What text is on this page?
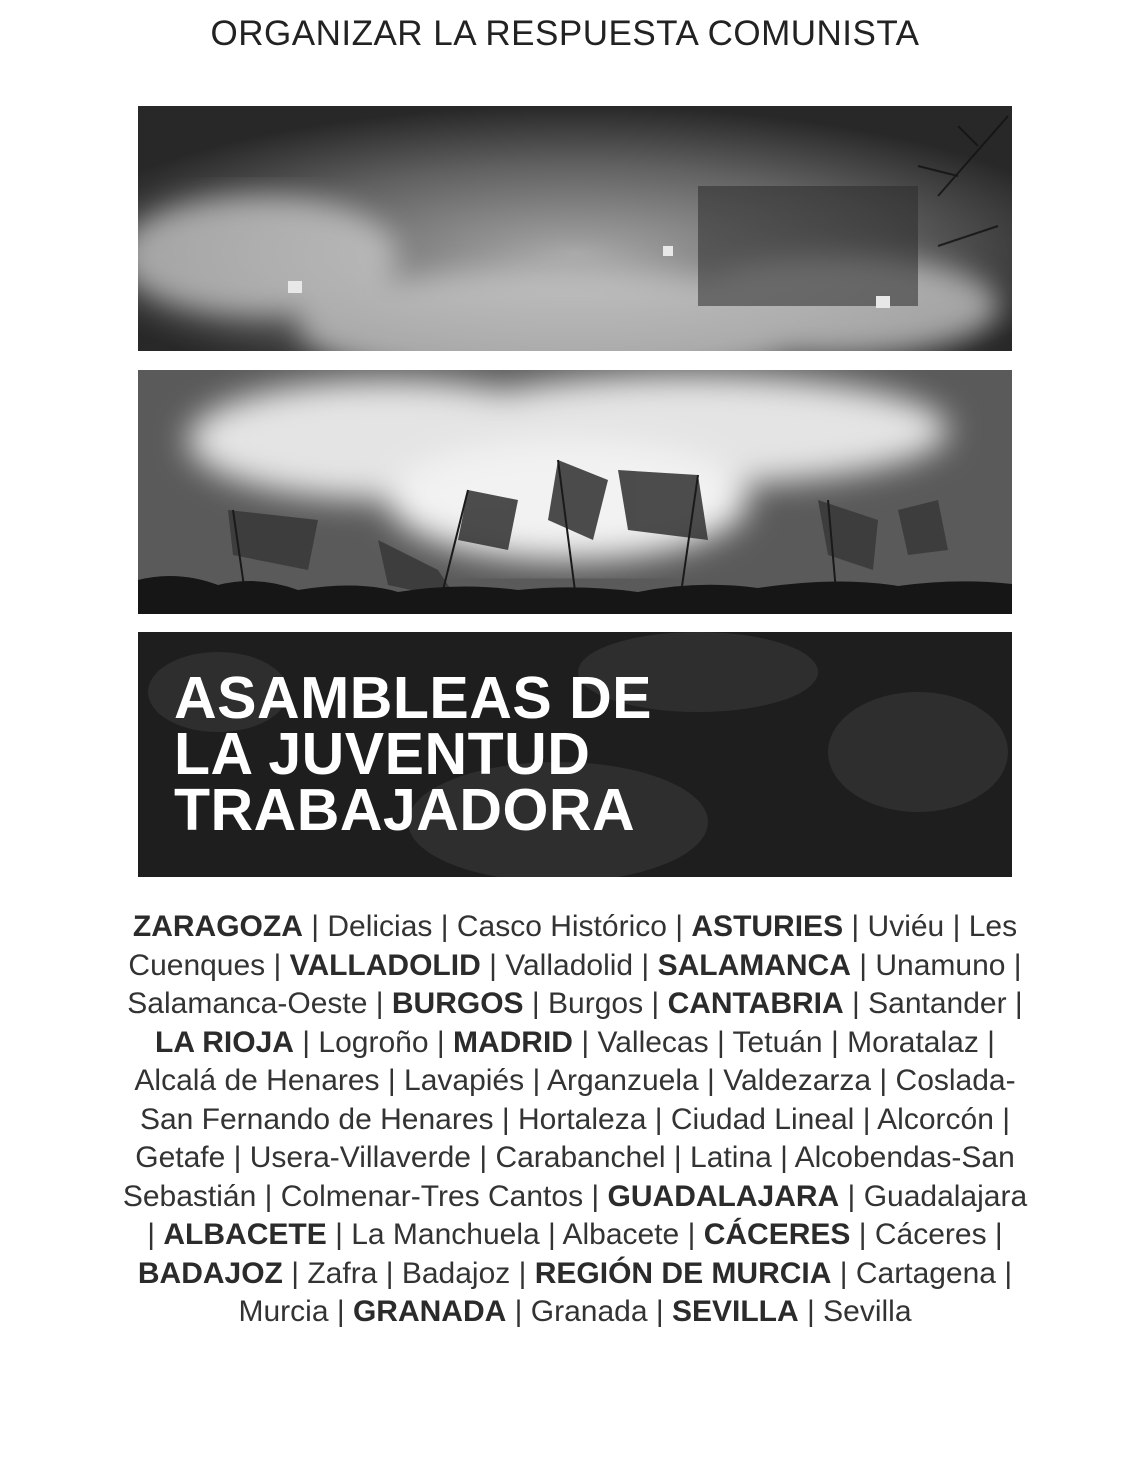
ORGANIZAR LA RESPUESTA COMUNISTA
ASAMBLEAS DE
LA JUVENTUD
TRABAJADORA
ZARAGOZA | Delicias | Casco Histórico | ASTURIES | Uviéu | Les Cuenques | VALLADOLID | Valladolid | SALAMANCA | Unamuno | Salamanca-Oeste | BURGOS | Burgos | CANTABRIA | Santander | LA RIOJA | Logroño | MADRID | Vallecas | Tetuán | Moratalaz | Alcalá de Henares | Lavapiés | Arganzuela | Valdezarza | Coslada-San Fernando de Henares | Hortaleza | Ciudad Lineal | Alcorcón | Getafe | Usera-Villaverde | Carabanchel | Latina | Alcobendas-San Sebastián | Colmenar-Tres Cantos | GUADALAJARA | Guadalajara | ALBACETE | La Manchuela | Albacete | CÁCERES | Cáceres | BADAJOZ | Zafra | Badajoz | REGIÓN DE MURCIA | Cartagena | Murcia | GRANADA | Granada | SEVILLA | Sevilla
